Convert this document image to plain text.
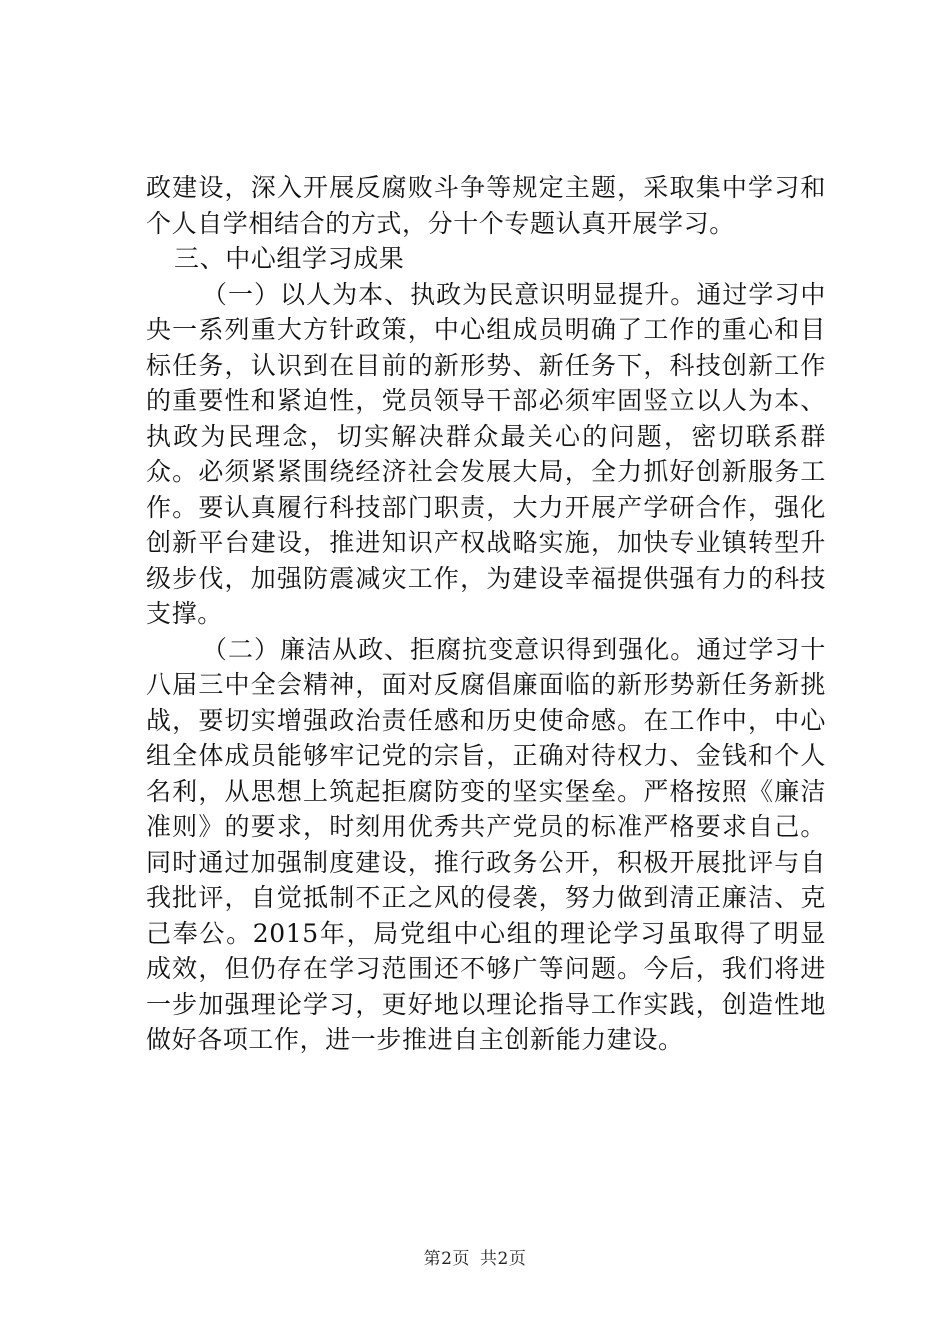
政建设，深入开展反腐败斗争等规定主题，采取集中学习和个人自学相结合的方式，分十个专题认真开展学习。

三、中心组学习成果

（一）以人为本、执政为民意识明显提升。通过学习中央一系列重大方针政策，中心组成员明确了工作的重心和目标任务，认识到在目前的新形势、新任务下，科技创新工作的重要性和紧迫性，党员领导干部必须牢固竖立以人为本、执政为民理念，切实解决群众最关心的问题，密切联系群众。必须紧紧围绕经济社会发展大局，全力抓好创新服务工作。要认真履行科技部门职责，大力开展产学研合作，强化创新平台建设，推进知识产权战略实施，加快专业镇转型升级步伐，加强防震减灾工作，为建设幸福提供强有力的科技支撑。

（二）廉洁从政、拒腐抗变意识得到强化。通过学习十八届三中全会精神，面对反腐倡廉面临的新形势新任务新挑战，要切实增强政治责任感和历史使命感。在工作中，中心组全体成员能够牢记党的宗旨，正确对待权力、金钱和个人名利，从思想上筑起拒腐防变的坚实堡垒。严格按照《廉洁准则》的要求，时刻用优秀共产党员的标准严格要求自己。同时通过加强制度建设，推行政务公开，积极开展批评与自我批评，自觉抵制不正之风的侵袭，努力做到清正廉洁、克己奉公。2015年，局党组中心组的理论学习虽取得了明显成效，但仍存在学习范围还不够广等问题。今后，我们将进一步加强理论学习，更好地以理论指导工作实践，创造性地做好各项工作，进一步推进自主创新能力建设。

第2页 共2页
